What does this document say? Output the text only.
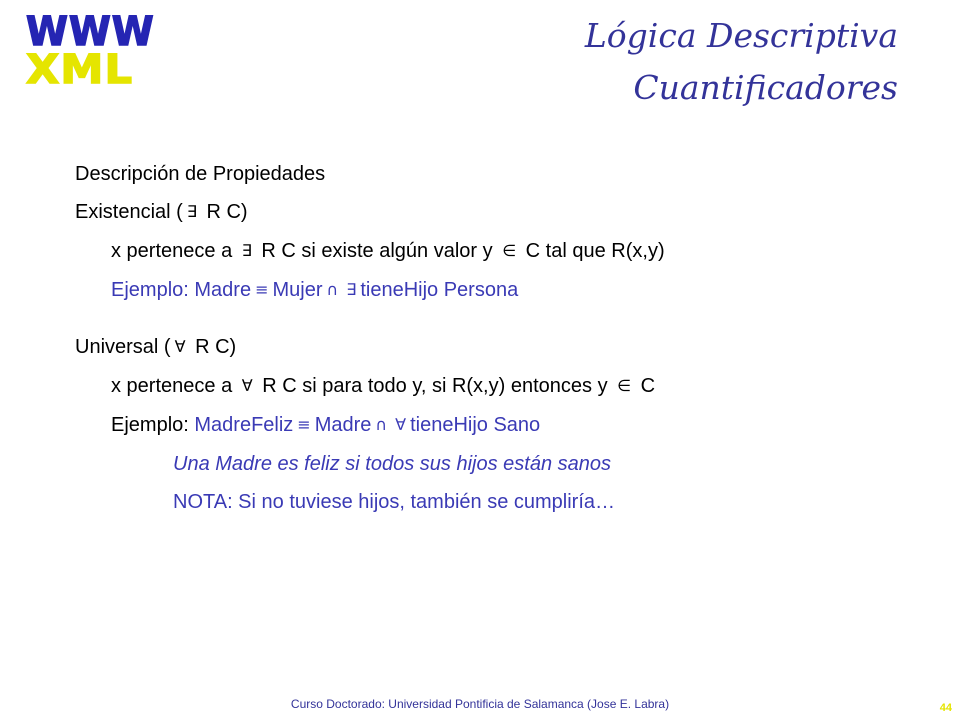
WWW
XML
Lógica Descriptiva
Cuantificadores
Descripción de Propiedades
Existencial ( ∃ R C)
x pertenece a ∃ R C si existe algún valor y ∈ C tal que R(x,y)
Ejemplo: Madre ≡ Mujer ∩ ∃ tieneHijo Persona
Universal ( ∀ R C)
x pertenece a ∀ R C si para todo y, si R(x,y) entonces y ∈ C
Ejemplo: MadreFeliz ≡ Madre ∩ ∀ tieneHijo Sano
Una Madre es feliz si todos sus hijos están sanos
NOTA: Si no tuviese hijos, también se cumpliría…
Curso Doctorado: Universidad Pontificia de Salamanca (Jose E. Labra)	44
